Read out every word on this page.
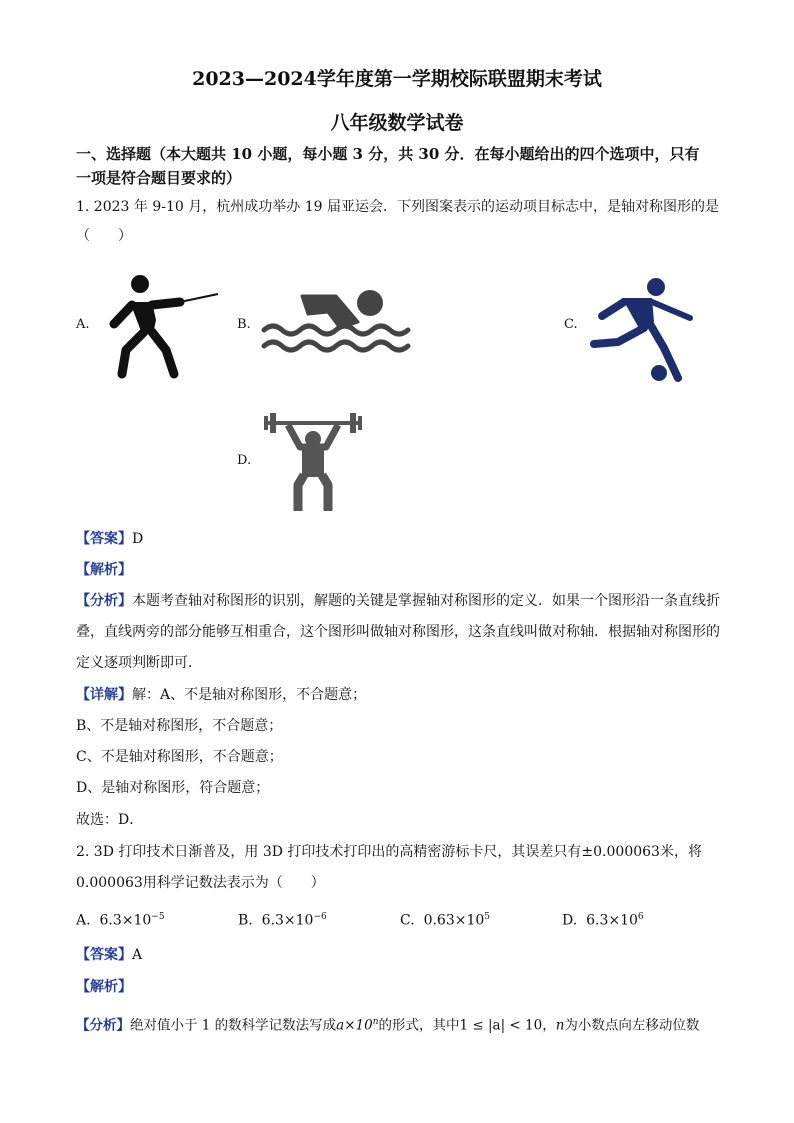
2023—2024学年度第一学期校际联盟期末考试
八年级数学试卷
一、选择题（本大题共 10 小题，每小题 3 分，共 30 分．在每小题给出的四个选项中，只有
一项是符合题目要求的）
1. 2023 年 9-10 月，杭州成功举办 19 届亚运会．下列图案表示的运动项目标志中，是轴对称图形的是
（　　）
A.	B.	C.
D.
【答案】D
【解析】
【分析】本题考查轴对称图形的识别，解题的关键是掌握轴对称图形的定义．如果一个图形沿一条直线折
叠，直线两旁的部分能够互相重合，这个图形叫做轴对称图形，这条直线叫做对称轴．根据轴对称图形的
定义逐项判断即可．
【详解】解：A、不是轴对称图形，不合题意；
B、不是轴对称图形，不合题意；
C、不是轴对称图形，不合题意；
D、是轴对称图形，符合题意；
故选：D．
2. 3D 打印技术日渐普及，用 3D 打印技术打印出的高精密游标卡尺，其误差只有±0.000063米，将
0.000063用科学记数法表示为（　　）
A. $6.3\times 10^{-5}$	B. $6.3\times 10^{-6}$	C. $0.63\times 10^5$	D. $6.3\times 10^6$
【答案】A
【解析】
【分析】绝对值小于 1 的数科学记数法写成$a\times 10^n$的形式，其中1 ≤ |a| < 10，n为小数点向左移动位数
